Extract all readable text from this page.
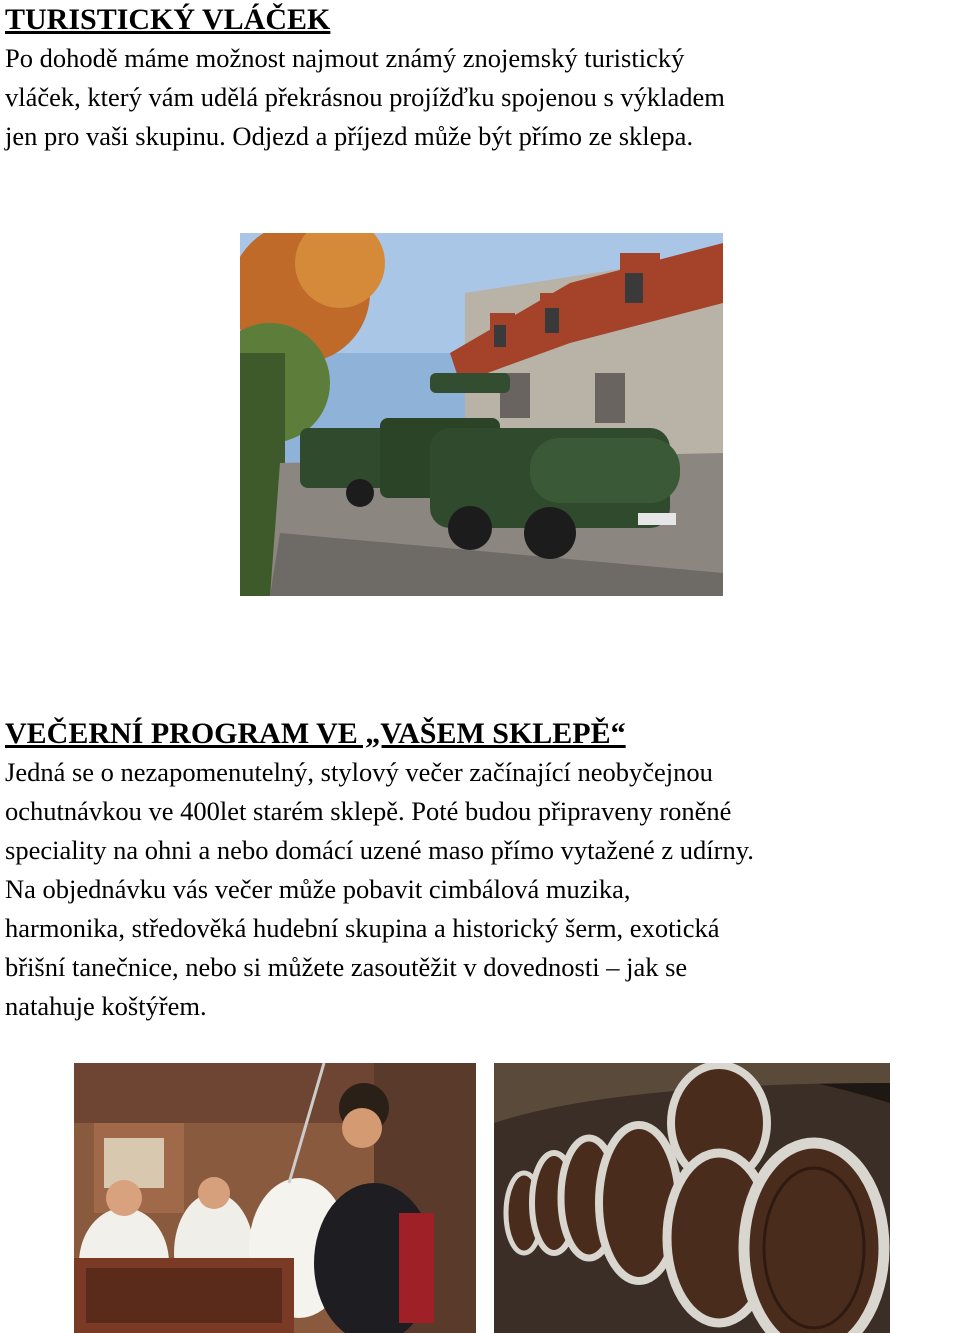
TURISTICKÝ VLÁČEK
Po dohodě máme možnost najmout známý znojemský turistický
vláček, který vám udělá překrásnou projížďku spojenou s výkladem
jen pro vaši skupinu. Odjezd a příjezd může být přímo ze sklepa.
VEČERNÍ PROGRAM VE „VAŠEM SKLEPĚ“
Jedná se o nezapomenutelný, stylový večer začínající neobyčejnou
ochutnávkou ve 400let starém sklepě. Poté budou připraveny roněné
speciality na ohni a nebo domácí uzené maso přímo vytažené z udírny.
Na objednávku vás večer může pobavit cimbálová muzika,
harmonika, středověká hudební skupina a historický šerm, exotická
břišní tanečnice, nebo si můžete zasoutěžit v dovednosti – jak se
natahuje koštýřem.
